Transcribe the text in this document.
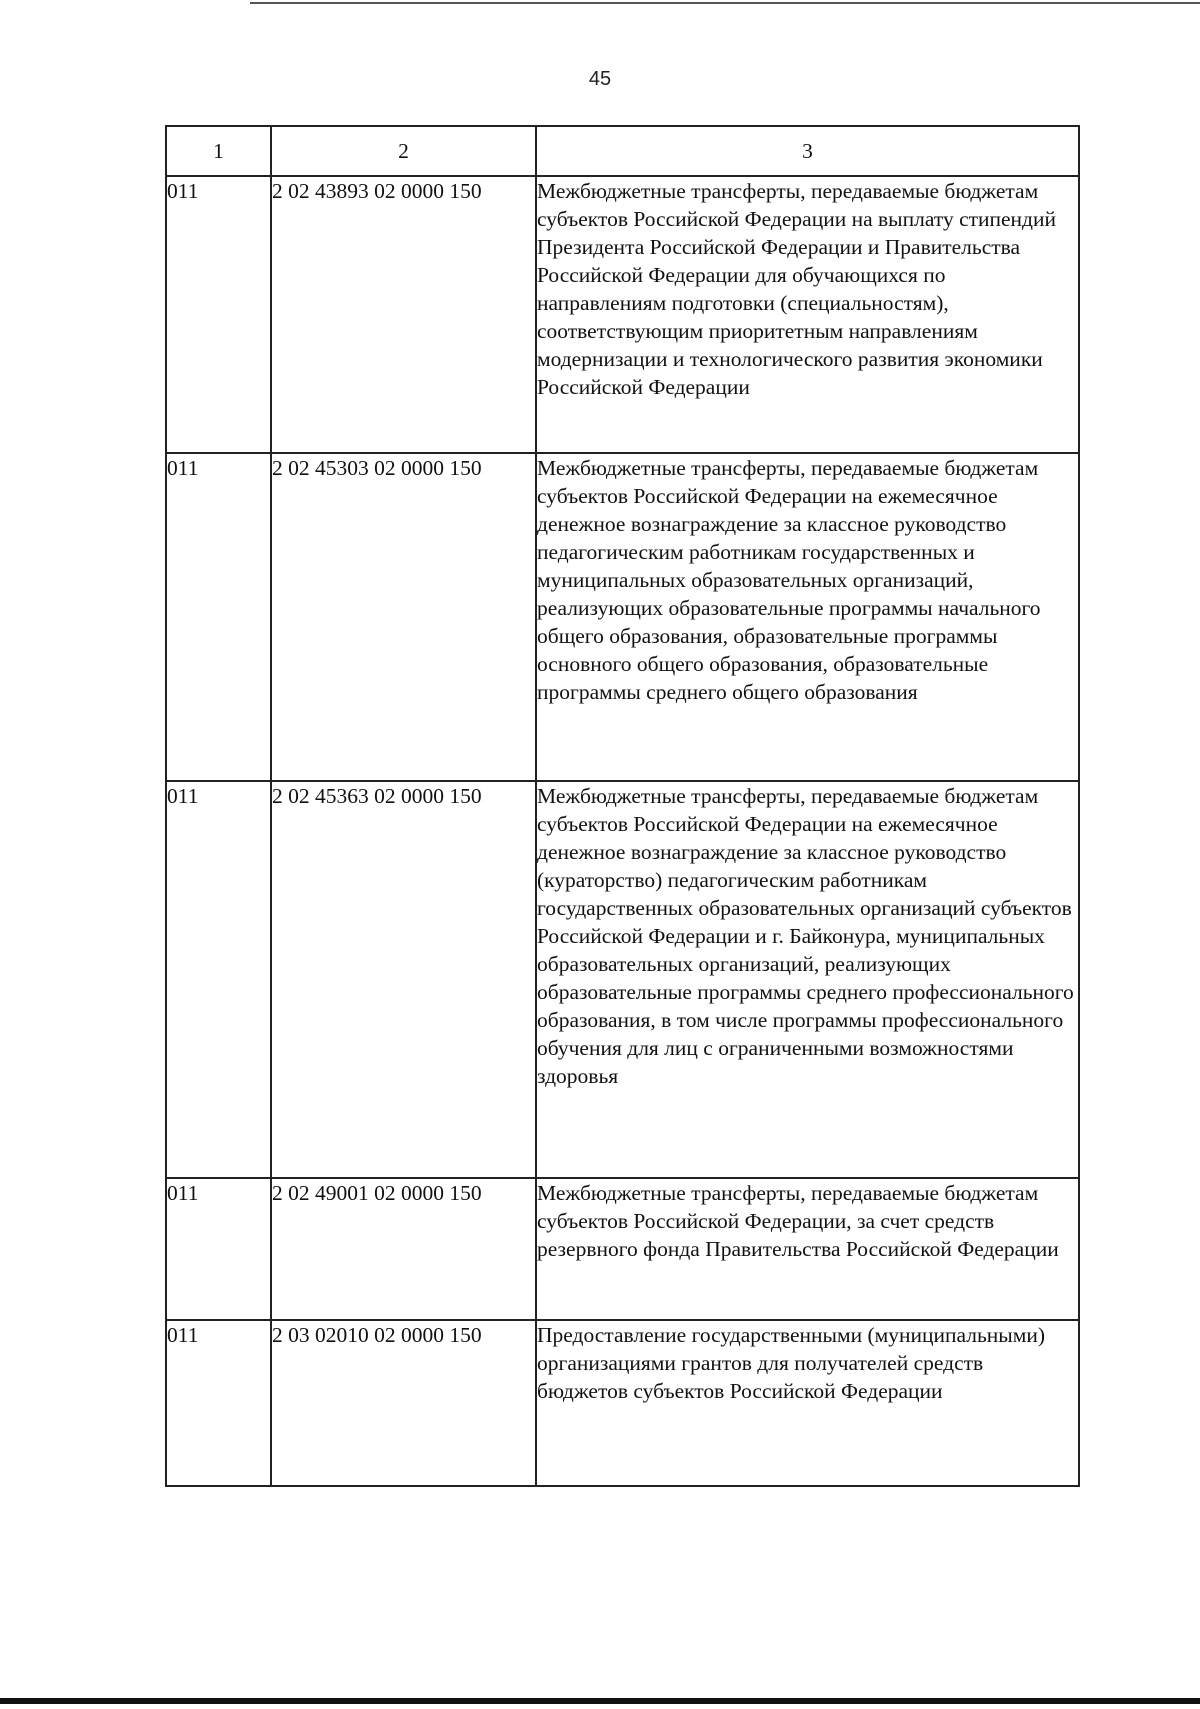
45
1	2	3
011	2 02 43893 02 0000 150	Межбюджетные трансферты, передаваемые бюджетам субъектов Российской Федерации на выплату стипендий Президента Российской Федерации и Правительства Российской Федерации для обучающихся по направлениям подготовки (специальностям), соответствующим приоритетным направлениям модернизации и технологического развития экономики Российской Федерации
011	2 02 45303 02 0000 150	Межбюджетные трансферты, передаваемые бюджетам субъектов Российской Федерации на ежемесячное денежное вознаграждение за классное руководство педагогическим работникам государственных и муниципальных образовательных организаций, реализующих образовательные программы начального общего образования, образовательные программы основного общего образования, образовательные программы среднего общего образования
011	2 02 45363 02 0000 150	Межбюджетные трансферты, передаваемые бюджетам субъектов Российской Федерации на ежемесячное денежное вознаграждение за классное руководство (кураторство) педагогическим работникам государственных образовательных организаций субъектов Российской Федерации и г. Байконура, муниципальных образовательных организаций, реализующих образовательные программы среднего профессионального образования, в том числе программы профессионального обучения для лиц с ограниченными возможностями здоровья
011	2 02 49001 02 0000 150	Межбюджетные трансферты, передаваемые бюджетам субъектов Российской Федерации, за счет средств резервного фонда Правительства Российской Федерации
011	2 03 02010 02 0000 150	Предоставление государственными (муниципальными) организациями грантов для получателей средств бюджетов субъектов Российской Федерации
